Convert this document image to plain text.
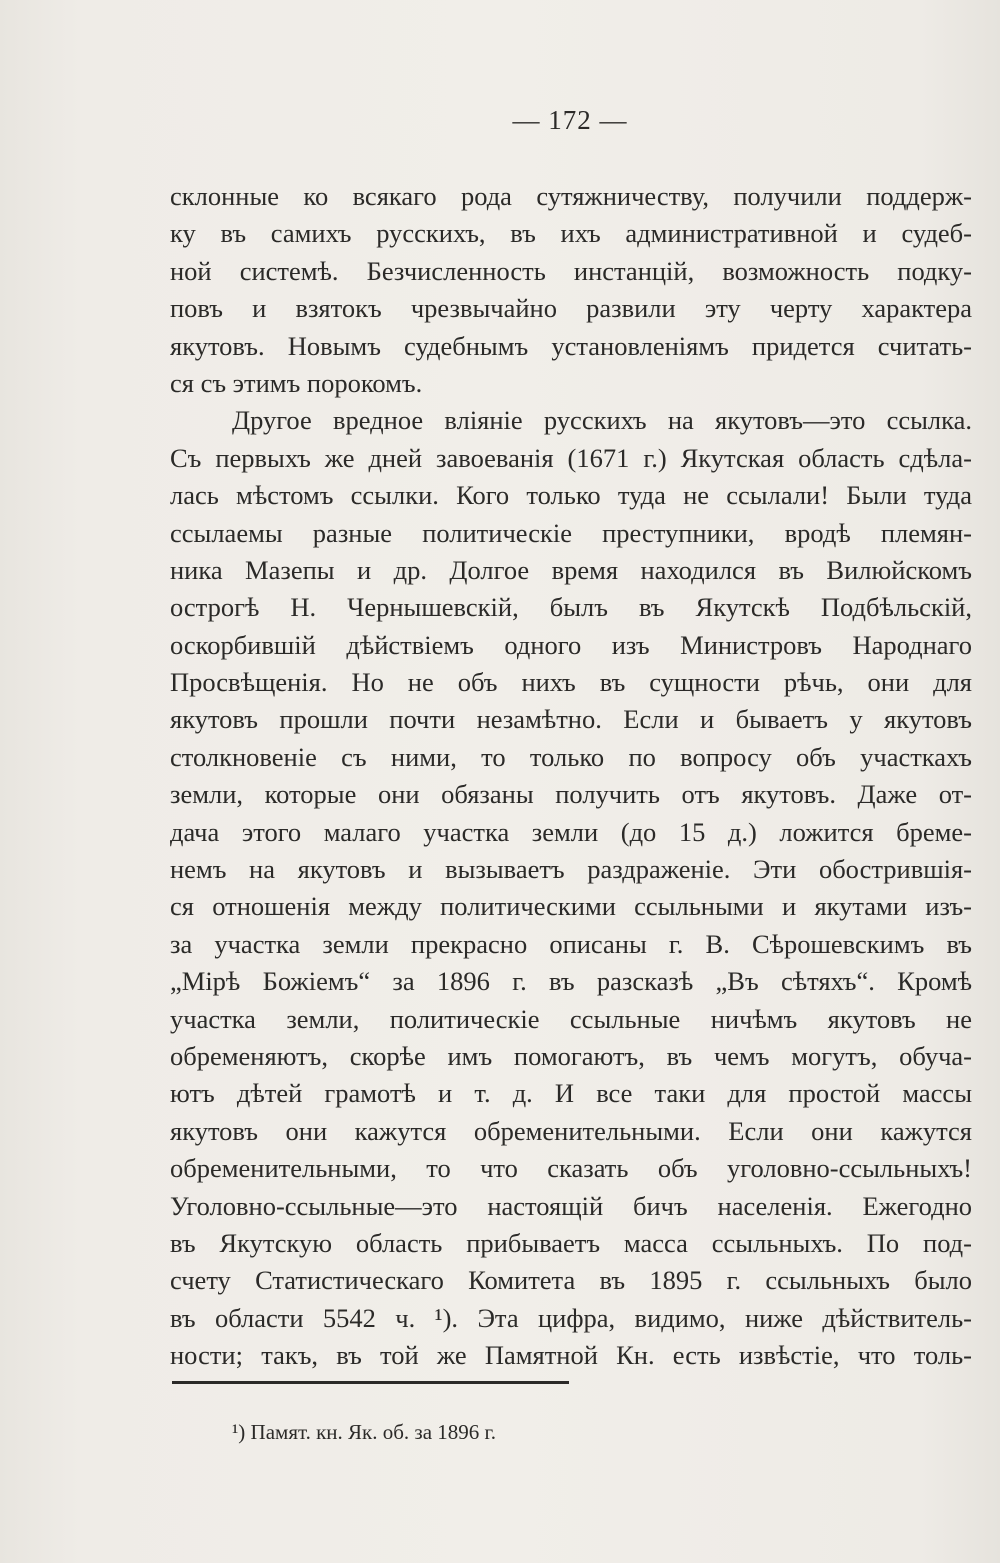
— 172 —
склонные ко всякаго рода сутяжничеству, получили поддерж-
ку въ самихъ русскихъ, въ ихъ административной и судеб-
ной системѣ. Безчисленность инстанцій, возможность подку-
повъ и взятокъ чрезвычайно развили эту черту характера
якутовъ. Новымъ судебнымъ установленіямъ придется считать-
ся съ этимъ порокомъ.
Другое вредное вліяніе русскихъ на якутовъ—это ссылка.
Съ первыхъ же дней завоеванія (1671 г.) Якутская область сдѣла-
лась мѣстомъ ссылки. Кого только туда не ссылали! Были туда
ссылаемы разные политическіе преступники, вродѣ племян-
ника Мазепы и др. Долгое время находился въ Вилюйскомъ
острогѣ Н. Чернышевскій, былъ въ Якутскѣ Подбѣльскій,
оскорбившій дѣйствіемъ одного изъ Министровъ Народнаго
Просвѣщенія. Но не объ нихъ въ сущности рѣчь, они для
якутовъ прошли почти незамѣтно. Если и бываетъ у якутовъ
столкновеніе съ ними, то только по вопросу объ участкахъ
земли, которые они обязаны получить отъ якутовъ. Даже от-
дача этого малаго участка земли (до 15 д.) ложится бреме-
немъ на якутовъ и вызываетъ раздраженіе. Эти обострившія-
ся отношенія между политическими ссыльными и якутами изъ-
за участка земли прекрасно описаны г. В. Сѣрошевскимъ въ
„Мірѣ Божіемъ“ за 1896 г. въ разсказѣ „Въ сѣтяхъ“. Кромѣ
участка земли, политическіе ссыльные ничѣмъ якутовъ не
обременяютъ, скорѣе имъ помогаютъ, въ чемъ могутъ, обуча-
ютъ дѣтей грамотѣ и т. д. И все таки для простой массы
якутовъ они кажутся обременительными. Если они кажутся
обременительными, то что сказать объ уголовно-ссыльныхъ!
Уголовно-ссыльные—это настоящій бичъ населенія. Ежегодно
въ Якутскую область прибываетъ масса ссыльныхъ. По под-
счету Статистическаго Комитета въ 1895 г. ссыльныхъ было
въ области 5542 ч. ¹). Эта цифра, видимо, ниже дѣйствитель-
ности; такъ, въ той же Памятной Кн. есть извѣстіе, что толь-
¹) Памят. кн. Як. об. за 1896 г.
